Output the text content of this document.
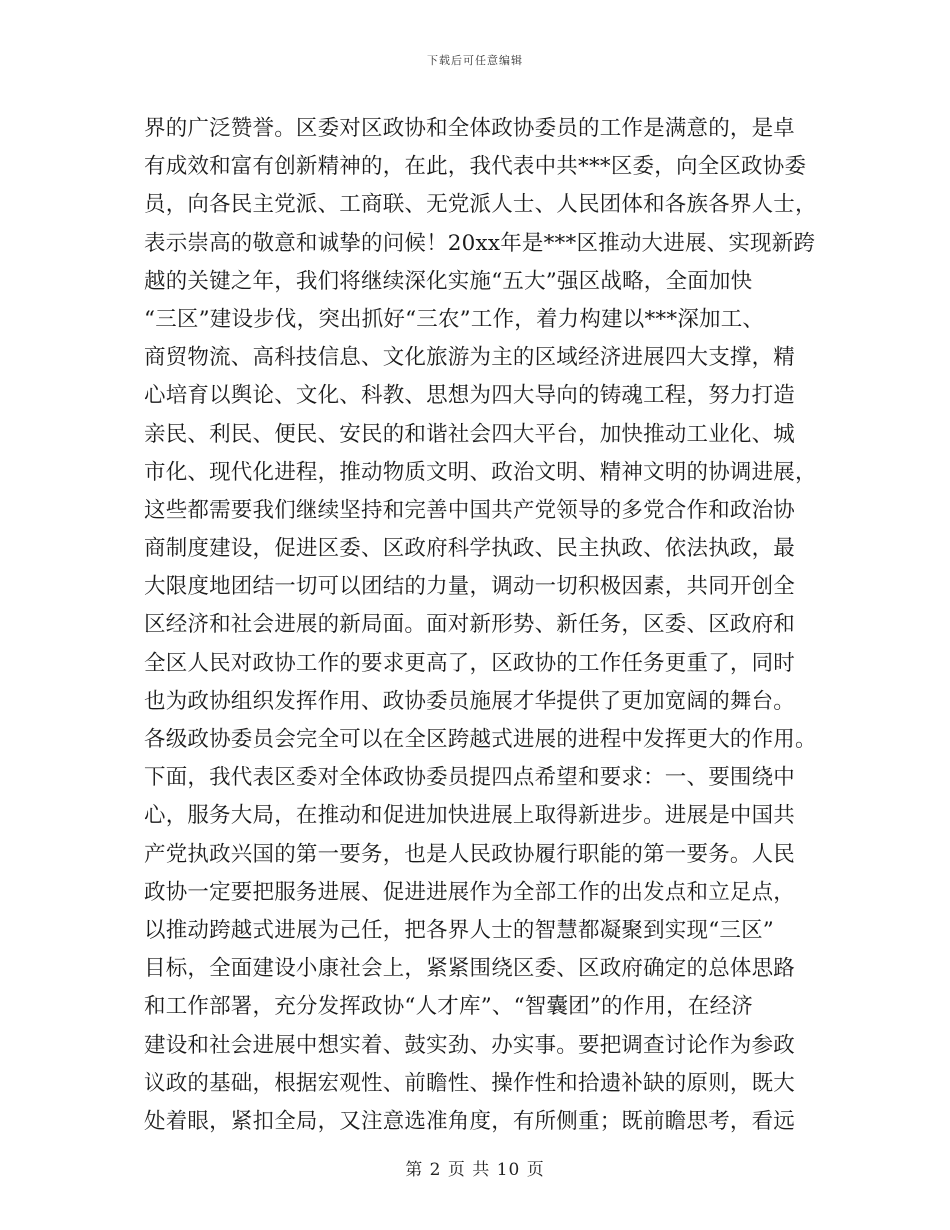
下载后可任意编辑
界的广泛赞誉。区委对区政协和全体政协委员的工作是满意的，是卓
有成效和富有创新精神的，在此，我代表中共***区委，向全区政协委
员，向各民主党派、工商联、无党派人士、人民团体和各族各界人士，
表示崇高的敬意和诚挚的问候！20xx年是***区推动大进展、实现新跨
越的关键之年，我们将继续深化实施“五大”强区战略，全面加快
“三区”建设步伐，突出抓好“三农”工作，着力构建以***深加工、
商贸物流、高科技信息、文化旅游为主的区域经济进展四大支撑，精
心培育以舆论、文化、科教、思想为四大导向的铸魂工程，努力打造
亲民、利民、便民、安民的和谐社会四大平台，加快推动工业化、城
市化、现代化进程，推动物质文明、政治文明、精神文明的协调进展，
这些都需要我们继续坚持和完善中国共产党领导的多党合作和政治协
商制度建设，促进区委、区政府科学执政、民主执政、依法执政，最
大限度地团结一切可以团结的力量，调动一切积极因素，共同开创全
区经济和社会进展的新局面。面对新形势、新任务，区委、区政府和
全区人民对政协工作的要求更高了，区政协的工作任务更重了，同时
也为政协组织发挥作用、政协委员施展才华提供了更加宽阔的舞台。
各级政协委员会完全可以在全区跨越式进展的进程中发挥更大的作用。
下面，我代表区委对全体政协委员提四点希望和要求：一、要围绕中
心，服务大局，在推动和促进加快进展上取得新进步。进展是中国共
产党执政兴国的第一要务，也是人民政协履行职能的第一要务。人民
政协一定要把服务进展、促进进展作为全部工作的出发点和立足点，
以推动跨越式进展为己任，把各界人士的智慧都凝聚到实现“三区”
目标，全面建设小康社会上，紧紧围绕区委、区政府确定的总体思路
和工作部署，充分发挥政协“人才库”、“智囊团”的作用，在经济
建设和社会进展中想实着、鼓实劲、办实事。要把调查讨论作为参政
议政的基础，根据宏观性、前瞻性、操作性和拾遗补缺的原则，既大
处着眼，紧扣全局，又注意选准角度，有所侧重；既前瞻思考，看远
第 2 页 共 10 页
